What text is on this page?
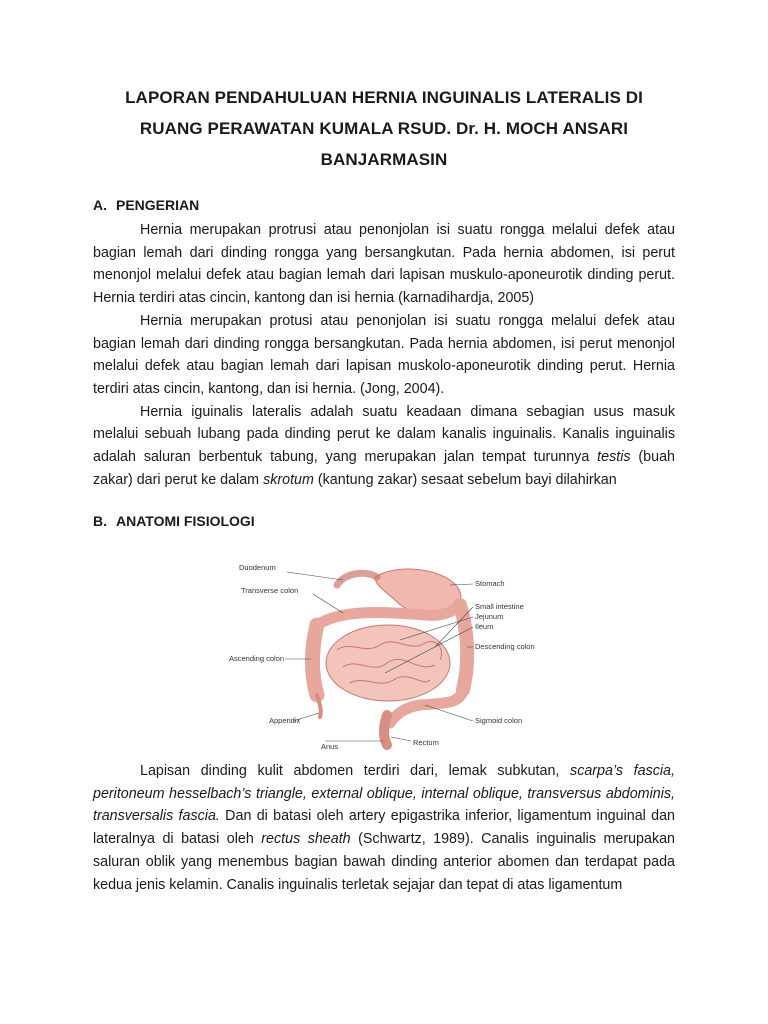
LAPORAN PENDAHULUAN HERNIA INGUINALIS LATERALIS DI
RUANG PERAWATAN KUMALA RSUD. Dr. H. MOCH ANSARI
BANJARMASIN
A. PENGERIAN

Hernia merupakan protrusi atau penonjolan isi suatu rongga melalui defek atau bagian lemah dari dinding rongga yang bersangkutan. Pada hernia abdomen, isi perut menonjol melalui defek atau bagian lemah dari lapisan muskulo-aponeurotik dinding perut. Hernia terdiri atas cincin, kantong dan isi hernia (karnadihardja, 2005)

Hernia merupakan protusi atau penonjolan isi suatu rongga melalui defek atau bagian lemah dari dinding rongga bersangkutan. Pada hernia abdomen, isi perut menonjol melalui defek atau bagian lemah dari lapisan muskolo-aponeurotik dinding perut. Hernia terdiri atas cincin, kantong, dan isi hernia. (Jong, 2004).

Hernia iguinalis lateralis adalah suatu keadaan dimana sebagian usus masuk melalui sebuah lubang pada dinding perut ke dalam kanalis inguinalis. Kanalis inguinalis adalah saluran berbentuk tabung, yang merupakan jalan tempat turunnya testis (buah zakar) dari perut ke dalam skrotum (kantung zakar) sesaat sebelum bayi dilahirkan

B. ANATOMI FISIOLOGI
Duodenum
Transverse colon
Ascending colon
Appendix
Anus
Stomach
Small intestine
Jejunum
Ileum
Descending colon
Sigmoid colon
Rectum

Lapisan dinding kulit abdomen terdiri dari, lemak subkutan, scarpa’s fascia, peritoneum hesselbach’s triangle, external oblique, internal oblique, transversus abdominis, transversalis fascia. Dan di batasi oleh artery epigastrika inferior, ligamentum inguinal dan lateralnya di batasi oleh rectus sheath (Schwartz, 1989). Canalis inguinalis merupakan saluran oblik yang menembus bagian bawah dinding anterior abomen dan terdapat pada kedua jenis kelamin. Canalis inguinalis terletak sejajar dan tepat di atas ligamentum
